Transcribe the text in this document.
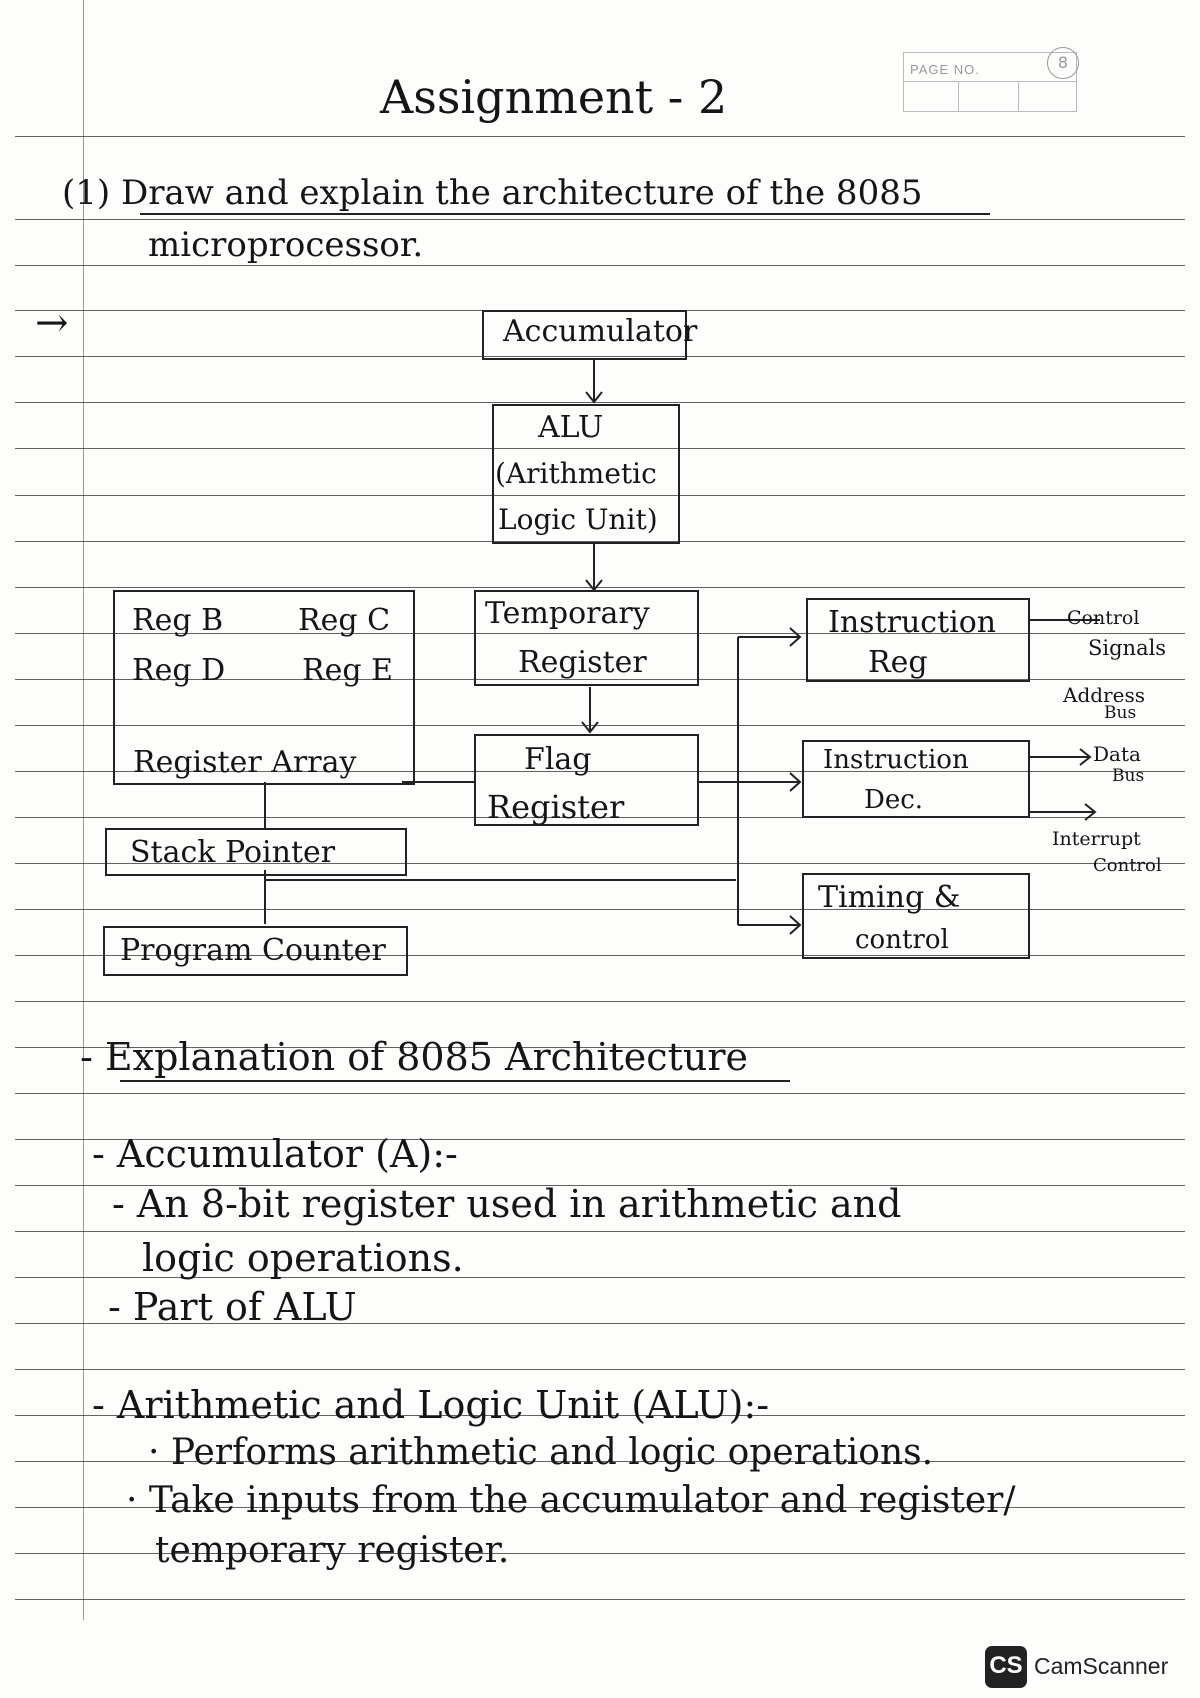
Assignment - 2
PAGE NO.	8
(1) Draw and explain the architecture of the 8085
microprocessor.
→	Accumulator
ALU
(Arithmetic
Logic Unit)
Reg B Reg C
Reg D	Reg E
Register Array
Stack Pointer
Program Counter
Temporary
Register
Flag
Register
Instruction
Reg
Instruction
Dec.
Timing &
control
Control
Signals
Address
Bus
Data
Bus
Interrupt
Control
- Explanation of 8085 Architecture
- Accumulator (A):-
- An 8-bit register used in arithmetic and
logic operations.
- Part of ALU
- Arithmetic and Logic Unit (ALU):-
· Performs arithmetic and logic operations.
· Take inputs from the accumulator and register/
temporary register.
CS CamScanner
